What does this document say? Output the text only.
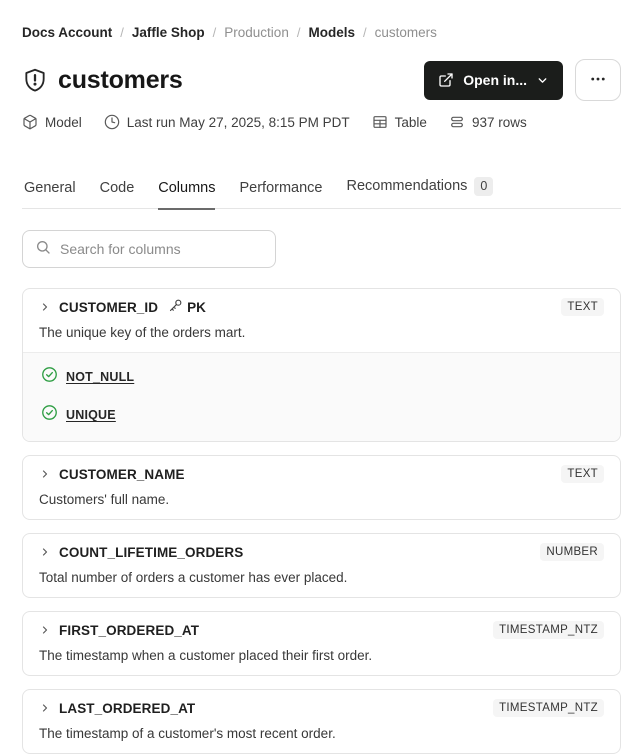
Docs Account / Jaffle Shop / Production / Models / customers
customers	Open in...
Model	Last run May 27, 2025, 8:15 PM PDT	Table	937 rows
General Code Columns Performance Recommendations	0
Search for columns
CUSTOMER_ID PK	TEXT
The unique key of the orders mart.
NOT_NULL
UNIQUE
CUSTOMER_NAME	TEXT
Customers' full name.
COUNT_LIFETIME_ORDERS	NUMBER
Total number of orders a customer has ever placed.
FIRST_ORDERED_AT	TIMESTAMP_NTZ
The timestamp when a customer placed their first order.
LAST_ORDERED_AT	TIMESTAMP_NTZ
The timestamp of a customer's most recent order.
